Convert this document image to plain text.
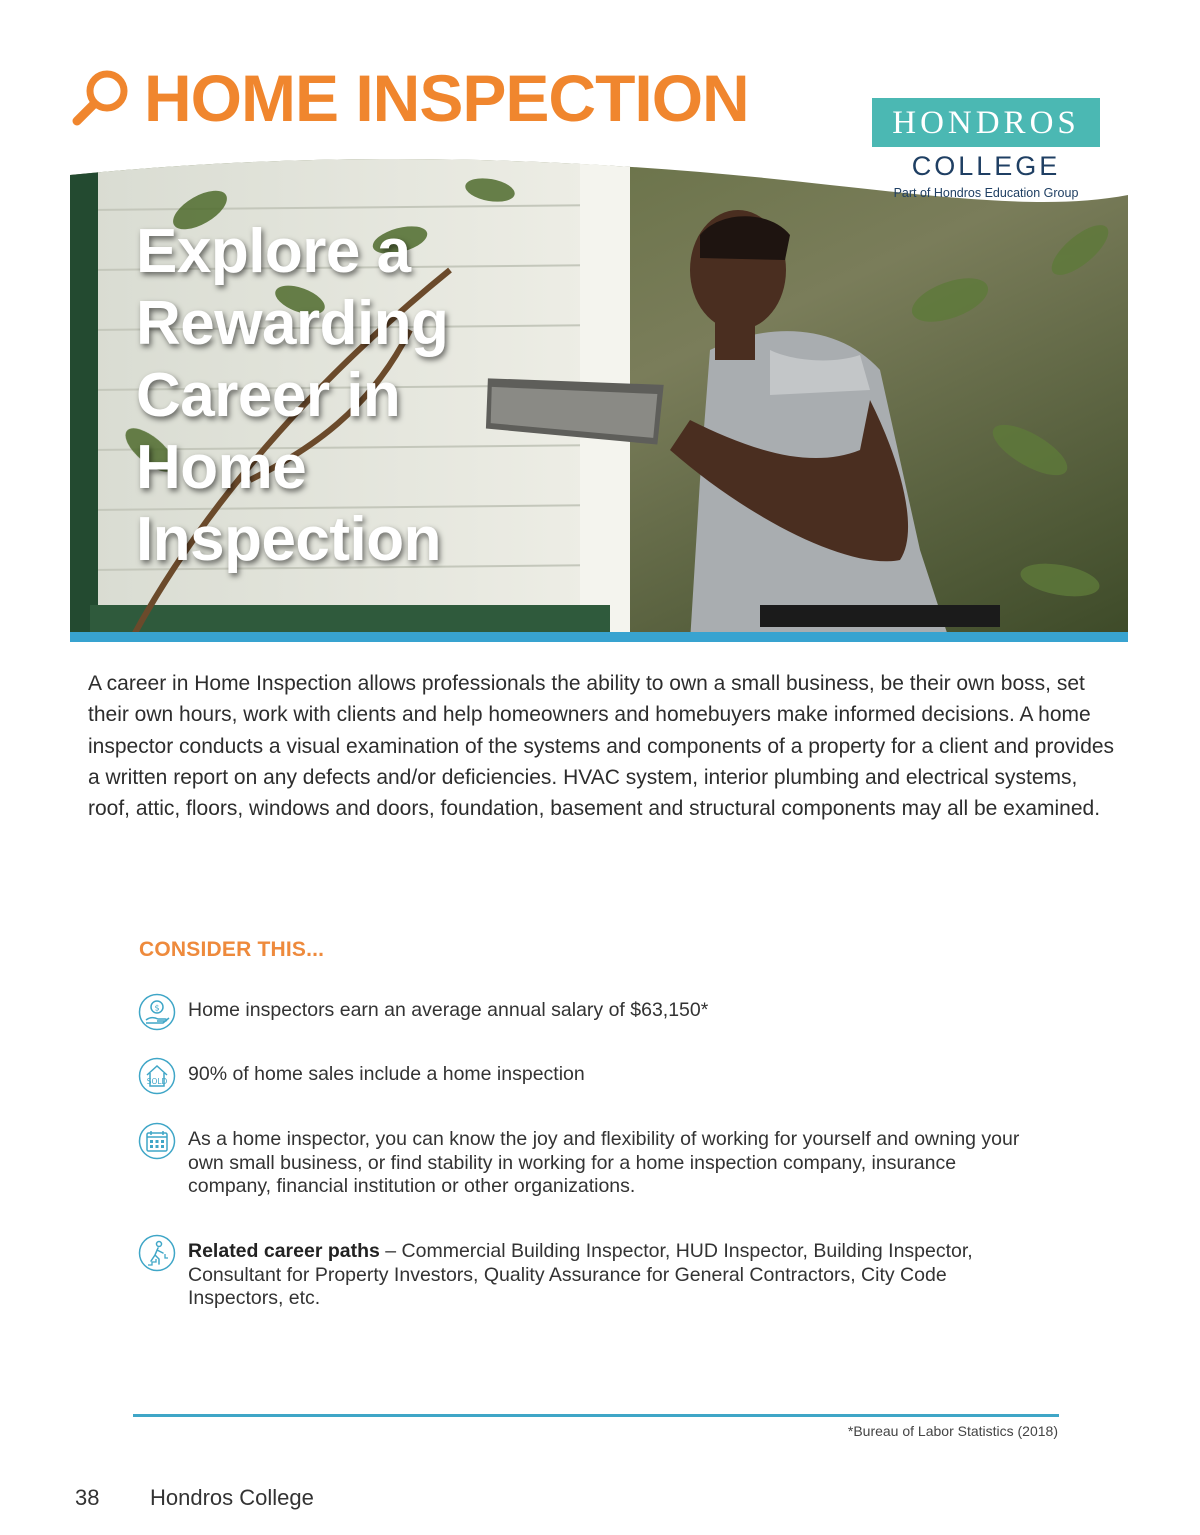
HOME INSPECTION	HONDROS
COLLEGE
Part of Hondros Education Group
Explore a Rewarding Career in Home Inspection

A career in Home Inspection allows professionals the ability to own a small business, be their own boss, set their own hours, work with clients and help homeowners and homebuyers make informed decisions. A home inspector conducts a visual examination of the systems and components of a property for a client and provides a written report on any defects and/or deficiencies. HVAC system, interior plumbing and electrical systems, roof, attic, floors, windows and doors, foundation, basement and structural components may all be examined.

CONSIDER THIS...
$ Home inspectors earn an average annual salary of $63,150*
SOLD 90% of home sales include a home inspection
As a home inspector, you can know the joy and flexibility of working for yourself and owning your own small business, or find stability in working for a home inspection company, insurance company, financial institution or other organizations.
Related career paths – Commercial Building Inspector, HUD Inspector, Building Inspector, Consultant for Property Investors, Quality Assurance for General Contractors, City Code Inspectors, etc.
*Bureau of Labor Statistics (2018)
38 Hondros College
